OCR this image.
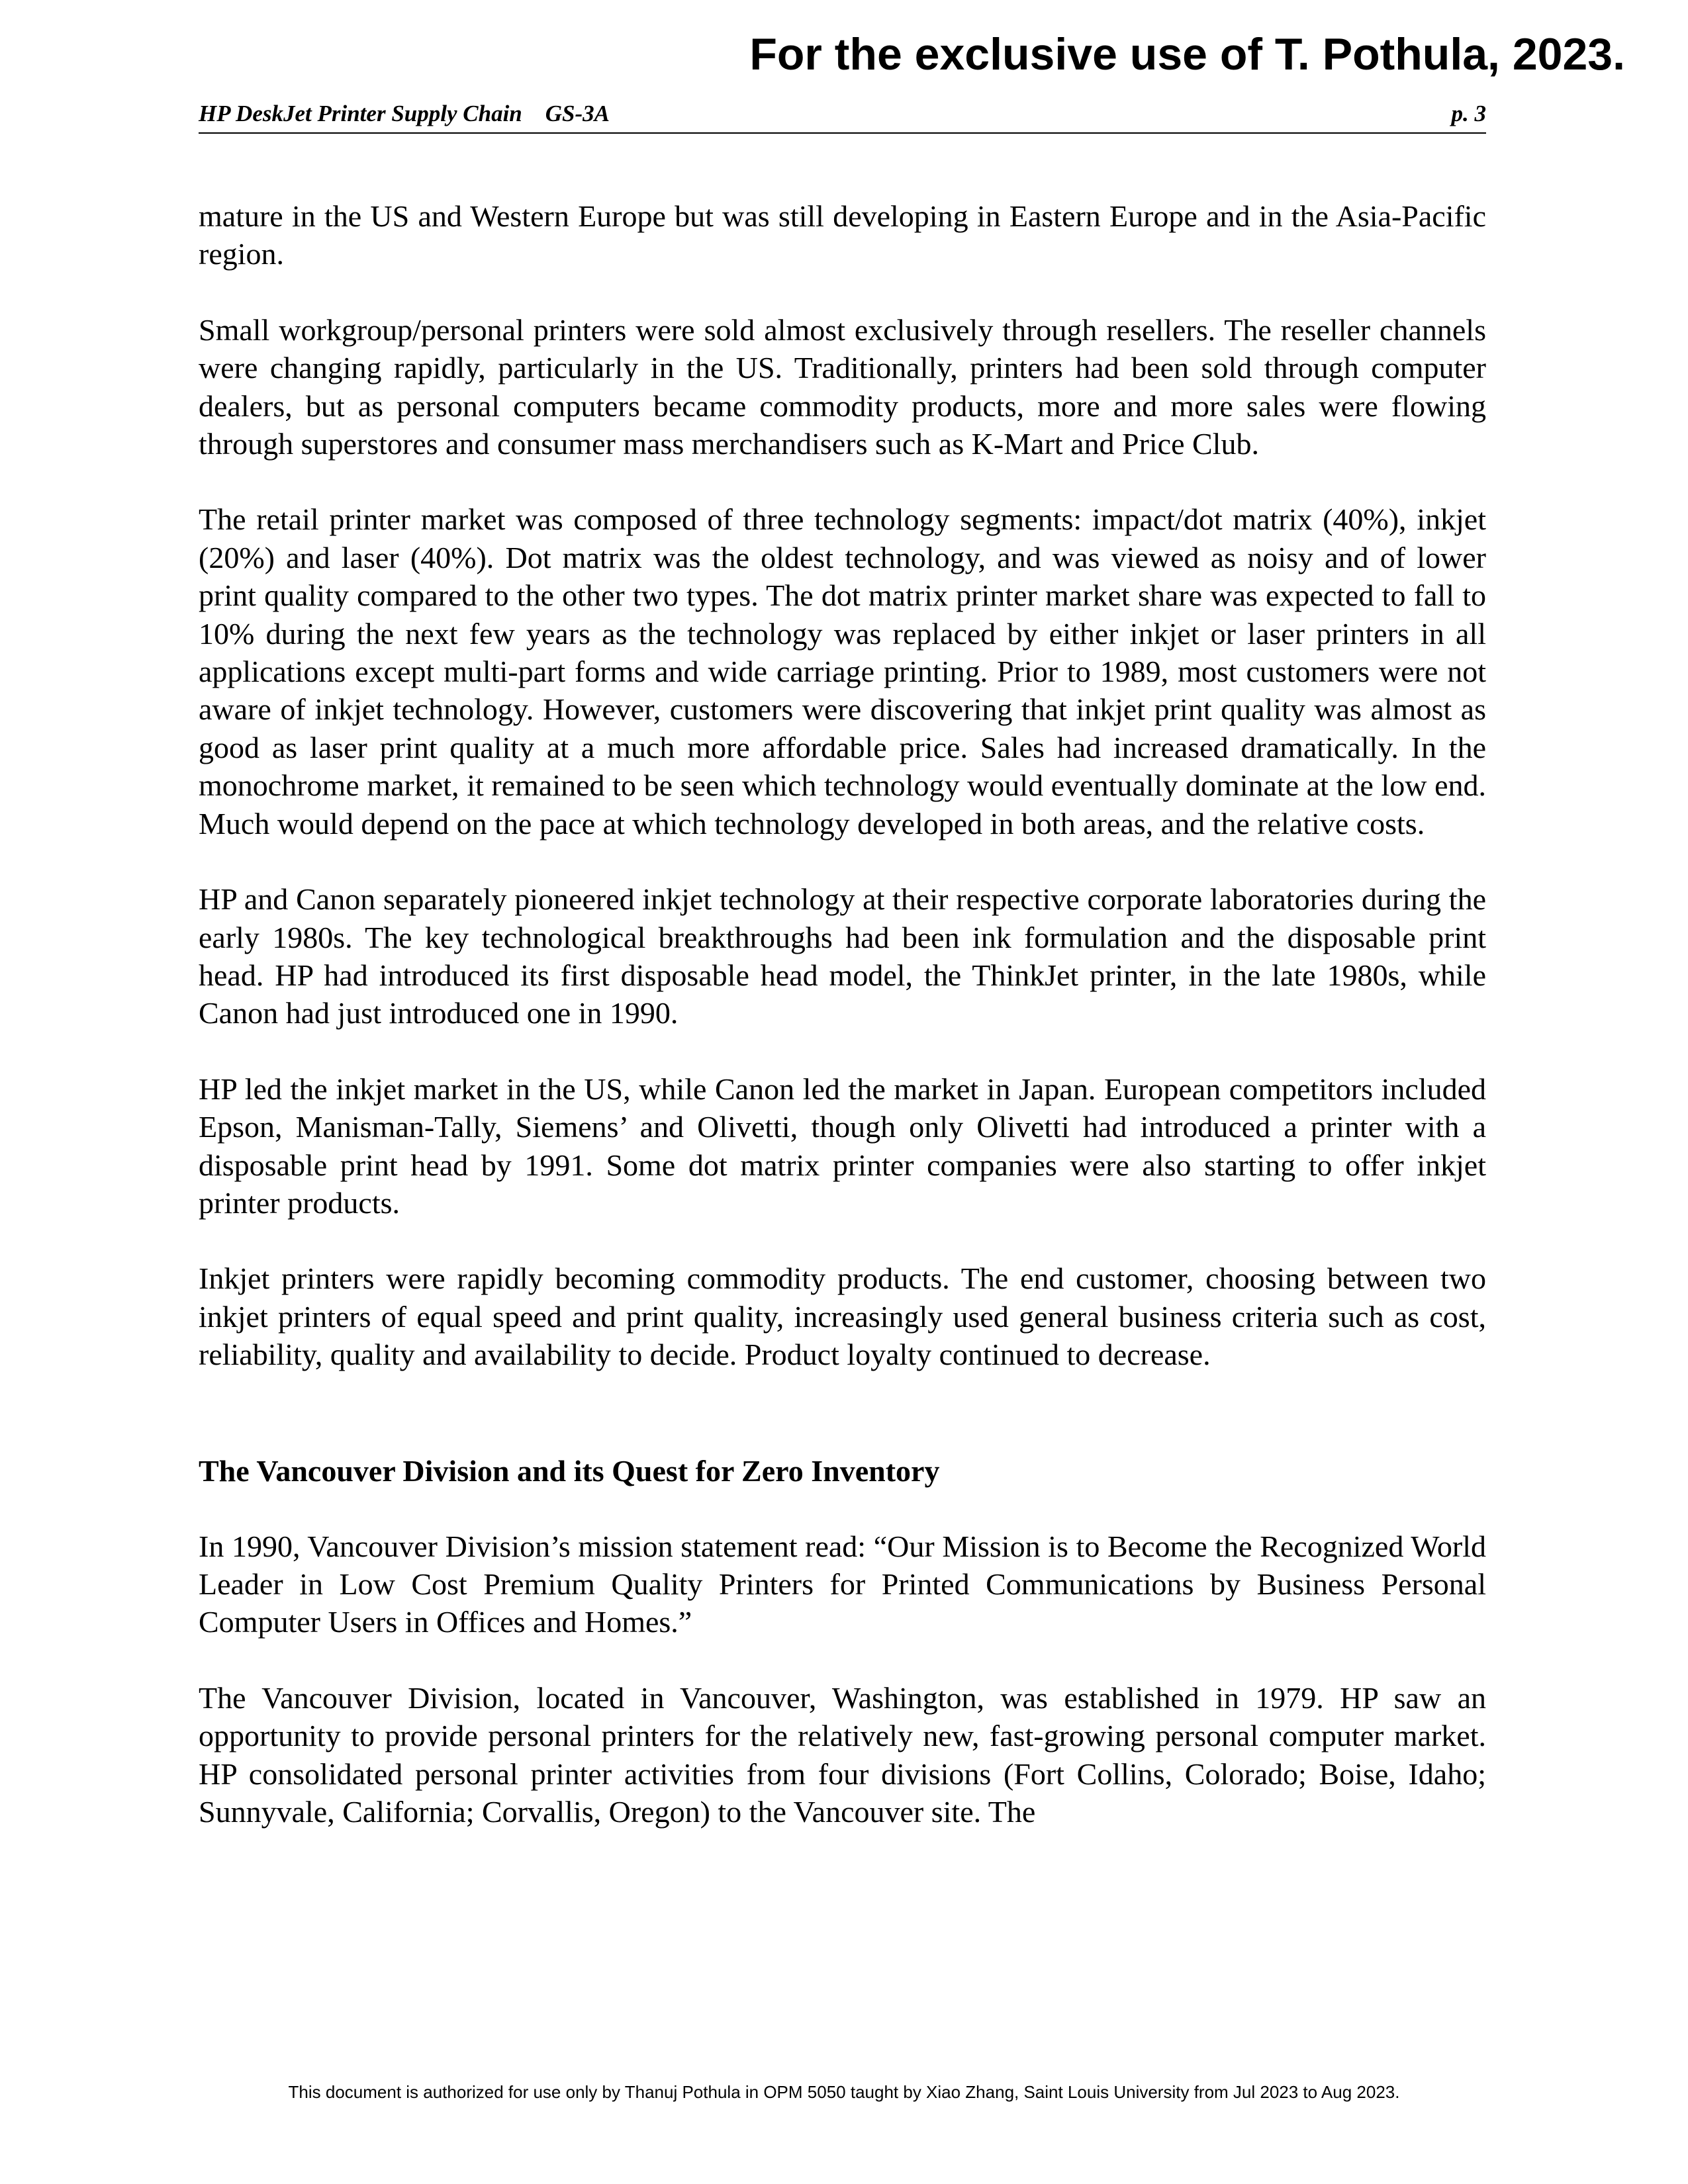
For the exclusive use of T. Pothula, 2023.
HP DeskJet Printer Supply Chain    GS-3A	p. 3

mature in the US and Western Europe but was still developing in Eastern Europe and in the Asia-Pacific region.

Small workgroup/personal printers were sold almost exclusively through resellers. The reseller channels were changing rapidly, particularly in the US. Traditionally, printers had been sold through computer dealers, but as personal computers became commodity products, more and more sales were flowing through superstores and consumer mass merchandisers such as K-Mart and Price Club.

The retail printer market was composed of three technology segments: impact/dot matrix (40%), inkjet (20%) and laser (40%). Dot matrix was the oldest technology, and was viewed as noisy and of lower print quality compared to the other two types. The dot matrix printer market share was expected to fall to 10% during the next few years as the technology was replaced by either inkjet or laser printers in all applications except multi-part forms and wide carriage printing. Prior to 1989, most customers were not aware of inkjet technology. However, customers were discovering that inkjet print quality was almost as good as laser print quality at a much more affordable price. Sales had increased dramatically. In the monochrome market, it remained to be seen which technology would eventually dominate at the low end. Much would depend on the pace at which technology developed in both areas, and the relative costs.

HP and Canon separately pioneered inkjet technology at their respective corporate laboratories during the early 1980s. The key technological breakthroughs had been ink formulation and the disposable print head. HP had introduced its first disposable head model, the ThinkJet printer, in the late 1980s, while Canon had just introduced one in 1990.

HP led the inkjet market in the US, while Canon led the market in Japan. European competitors included Epson, Manisman-Tally, Siemens’ and Olivetti, though only Olivetti had introduced a printer with a disposable print head by 1991. Some dot matrix printer companies were also starting to offer inkjet printer products.

Inkjet printers were rapidly becoming commodity products. The end customer, choosing between two inkjet printers of equal speed and print quality, increasingly used general business criteria such as cost, reliability, quality and availability to decide. Product loyalty continued to decrease.

The Vancouver Division and its Quest for Zero Inventory

In 1990, Vancouver Division’s mission statement read: “Our Mission is to Become the Recognized World Leader in Low Cost Premium Quality Printers for Printed Communications by Business Personal Computer Users in Offices and Homes.”

The Vancouver Division, located in Vancouver, Washington, was established in 1979. HP saw an opportunity to provide personal printers for the relatively new, fast-growing personal computer market. HP consolidated personal printer activities from four divisions (Fort Collins, Colorado; Boise, Idaho; Sunnyvale, California; Corvallis, Oregon) to the Vancouver site. The

This document is authorized for use only by Thanuj Pothula in OPM 5050 taught by Xiao Zhang, Saint Louis University from Jul 2023 to Aug 2023.
